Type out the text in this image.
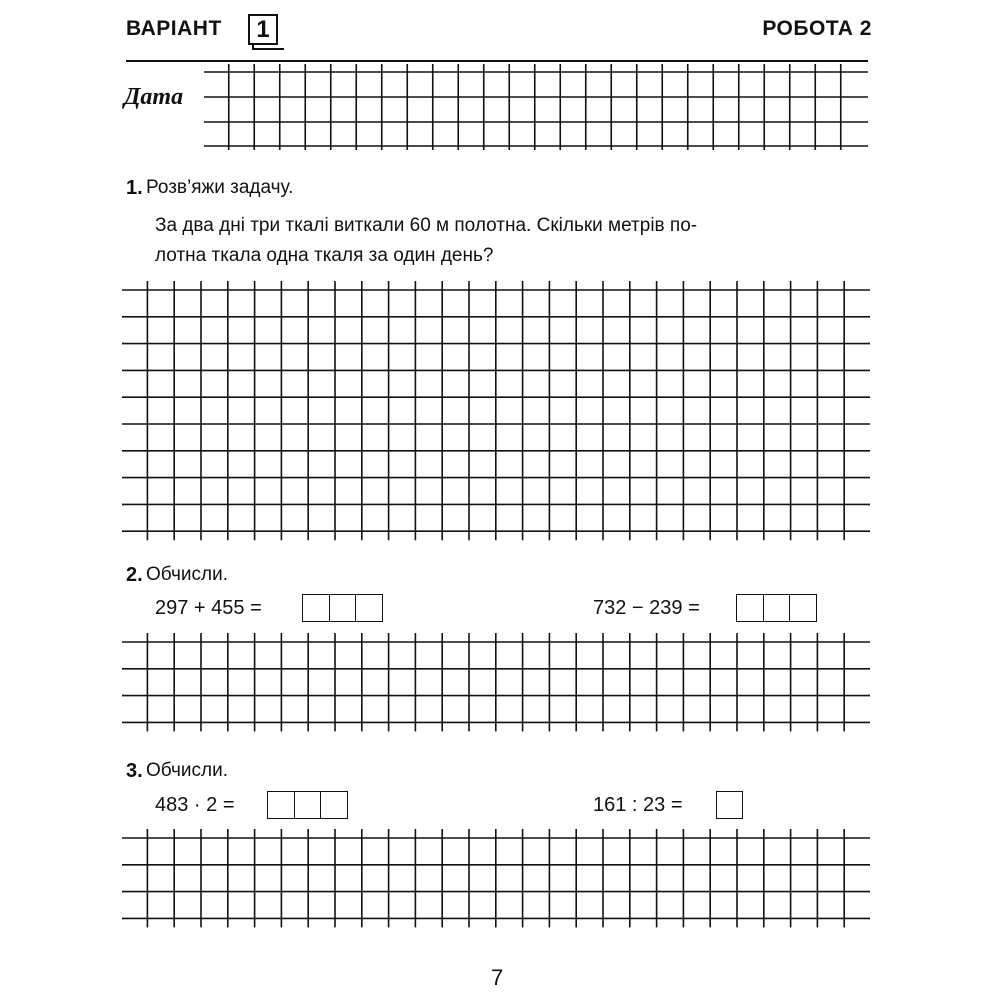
ВАРІАНТ	1	РОБОТА 2
Дата
1. Розв’яжи задачу.
За два дні три ткалі виткали 60 м полотна. Скільки метрів по-
лотна ткала одна ткаля за один день?
2. Обчисли.
297 + 455 =	732 − 239 =
3. Обчисли.
483 · 2 =	161 : 23 =
7
